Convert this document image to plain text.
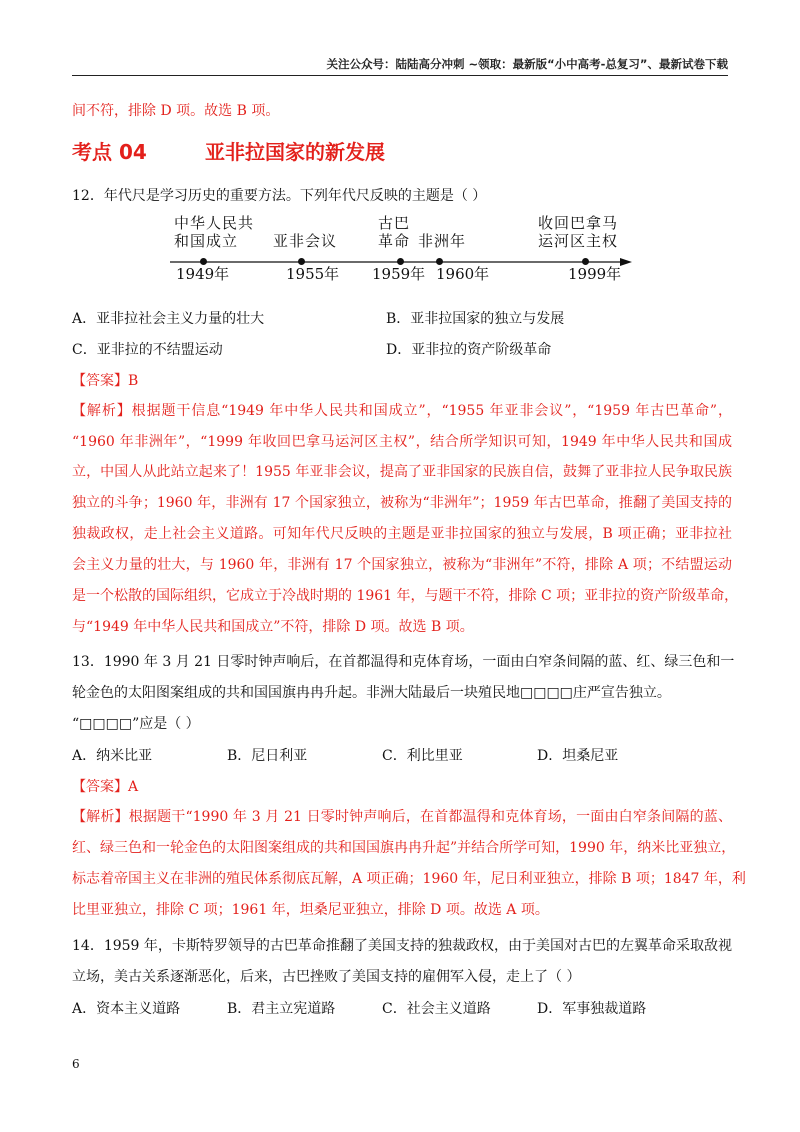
关注公众号：陆陆高分冲刺 ~领取：最新版“小中高考-总复习”、最新试卷下载
间不符，排除 D 项。故选 B 项。
考点 04	亚非拉国家的新发展
12．年代尺是学习历史的重要方法。下列年代尺反映的主题是（ ）
中华人民共
和国成立	亚非会议
古巴
革命 非洲年
收回巴拿马
运河区主权
1949年	1955年 1959年 1960年	1999年
A．亚非拉社会主义力量的壮大	B．亚非拉国家的独立与发展
C．亚非拉的不结盟运动	D．亚非拉的资产阶级革命
【答案】B
【解析】根据题干信息“1949 年中华人民共和国成立”，“1955 年亚非会议”，“1959 年古巴革命”，
“1960 年非洲年”，“1999 年收回巴拿马运河区主权”，结合所学知识可知，1949 年中华人民共和国成
立，中国人从此站立起来了！1955 年亚非会议，提高了亚非国家的民族自信，鼓舞了亚非拉人民争取民族
独立的斗争；1960 年，非洲有 17 个国家独立，被称为“非洲年”；1959 年古巴革命，推翻了美国支持的
独裁政权，走上社会主义道路。可知年代尺反映的主题是亚非拉国家的独立与发展，B 项正确；亚非拉社
会主义力量的壮大，与 1960 年，非洲有 17 个国家独立，被称为“非洲年”不符，排除 A 项；不结盟运动
是一个松散的国际组织，它成立于冷战时期的 1961 年，与题干不符，排除 C 项；亚非拉的资产阶级革命，
与“1949 年中华人民共和国成立”不符，排除 D 项。故选 B 项。
13．1990 年 3 月 21 日零时钟声响后，在首都温得和克体育场，一面由白窄条间隔的蓝、红、绿三色和一
轮金色的太阳图案组成的共和国国旗冉冉升起。非洲大陆最后一块殖民地□□□□庄严宣告独立。
“□□□□”应是（ ）
A．纳米比亚	B．尼日利亚	C．利比里亚	D．坦桑尼亚
【答案】A
【解析】根据题干“1990 年 3 月 21 日零时钟声响后，在首都温得和克体育场，一面由白窄条间隔的蓝、
红、绿三色和一轮金色的太阳图案组成的共和国国旗冉冉升起”并结合所学可知，1990 年，纳米比亚独立，
标志着帝国主义在非洲的殖民体系彻底瓦解，A 项正确；1960 年，尼日利亚独立，排除 B 项；1847 年，利
比里亚独立，排除 C 项；1961 年，坦桑尼亚独立，排除 D 项。故选 A 项。
14．1959 年，卡斯特罗领导的古巴革命推翻了美国支持的独裁政权，由于美国对古巴的左翼革命采取敌视
立场，美古关系逐渐恶化，后来，古巴挫败了美国支持的雇佣军入侵，走上了（ ）
A．资本主义道路	B．君主立宪道路	C．社会主义道路	D．军事独裁道路
6
